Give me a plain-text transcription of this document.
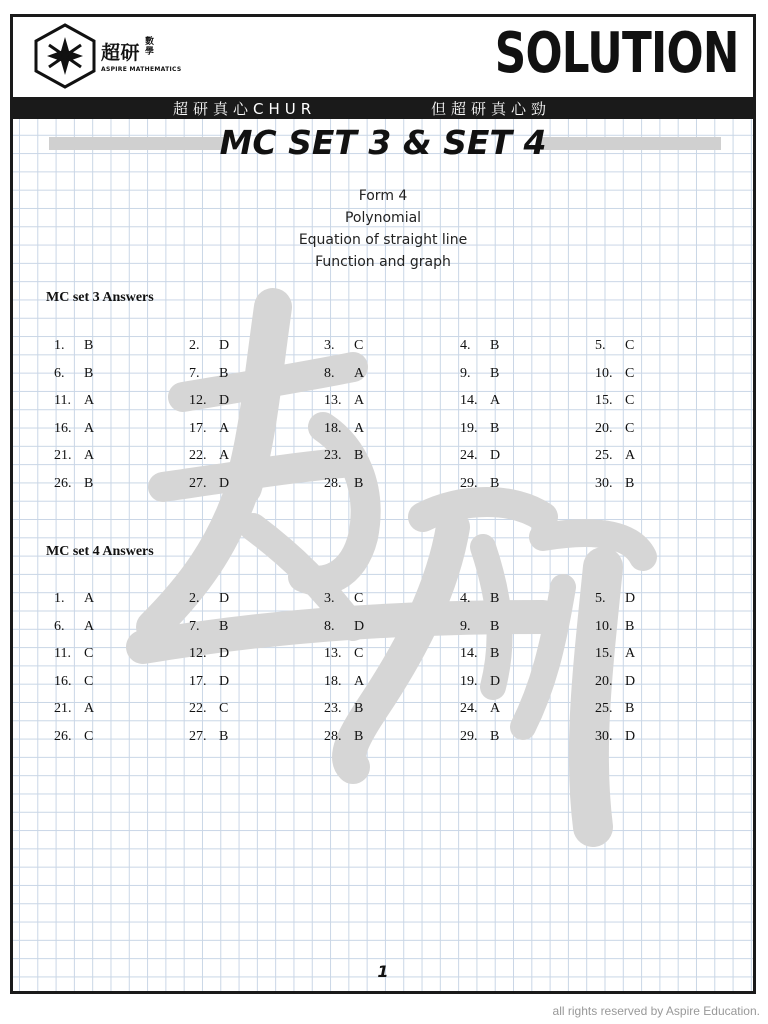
超研 數學
ASPIRE MATHEMATICS	SOLUTION
超研真心CHUR	但超研真心勁
MC SET 3 & SET 4
Form 4
Polynomial
Equation of straight line
Function and graph
MC set 3 Answers
1. B	2. D	3. C	4. B	5. C
6. B	7. B	8. A	9. B	10. C
11. A	12. D	13. A	14. A	15. C
16. A	17. A	18. A	19. B	20. C
21. A	22. A	23. B	24. D	25. A
26. B	27. D	28. B	29. B	30. B
MC set 4 Answers
1. A	2. D	3. C	4. B	5. D
6. A	7. B	8. D	9. B	10. B
11. C	12. D	13. C	14. B	15. A
16. C	17. D	18. A	19. D	20. D
21. A	22. C	23. B	24. A	25. B
26. C	27. B	28. B	29. B	30. D
1
all rights reserved by Aspire Education.
